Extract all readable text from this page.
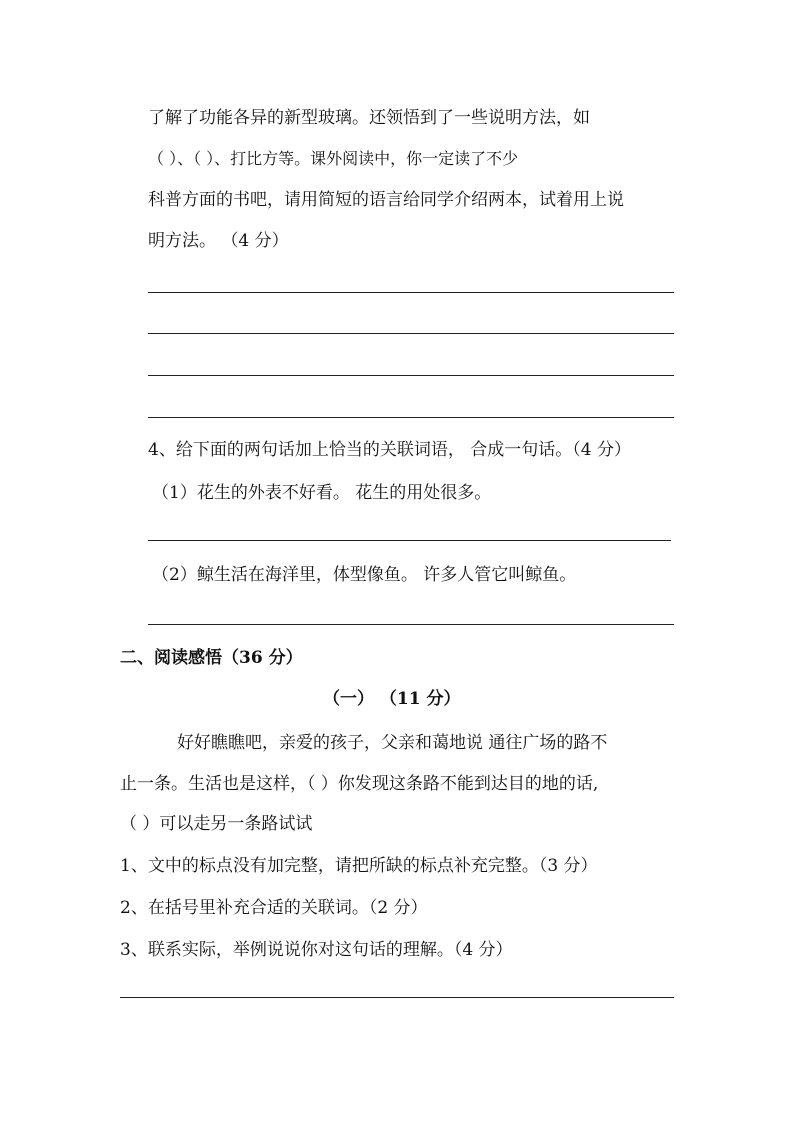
了解了功能各异的新型玻璃。还领悟到了一些说明方法，如
（ ）、（ ）、打比方等。课外阅读中，你一定读了不少
科普方面的书吧，请用简短的语言给同学介绍两本，试着用上说
明方法。 （4 分）
4、给下面的两句话加上恰当的关联词语， 合成一句话。（4 分）
（1）花生的外表不好看。 花生的用处很多。
（2）鲸生活在海洋里，体型像鱼。 许多人管它叫鲸鱼。
二、阅读感悟（36 分）
（一） （11 分）
好好瞧瞧吧，亲爱的孩子，父亲和蔼地说 通往广场的路不
止一条。生活也是这样，（ ）你发现这条路不能到达目的地的话,
（ ）可以走另一条路试试
1、文中的标点没有加完整，请把所缺的标点补充完整。（3 分）
2、在括号里补充合适的关联词。（2 分）
3、联系实际，举例说说你对这句话的理解。（4 分）
